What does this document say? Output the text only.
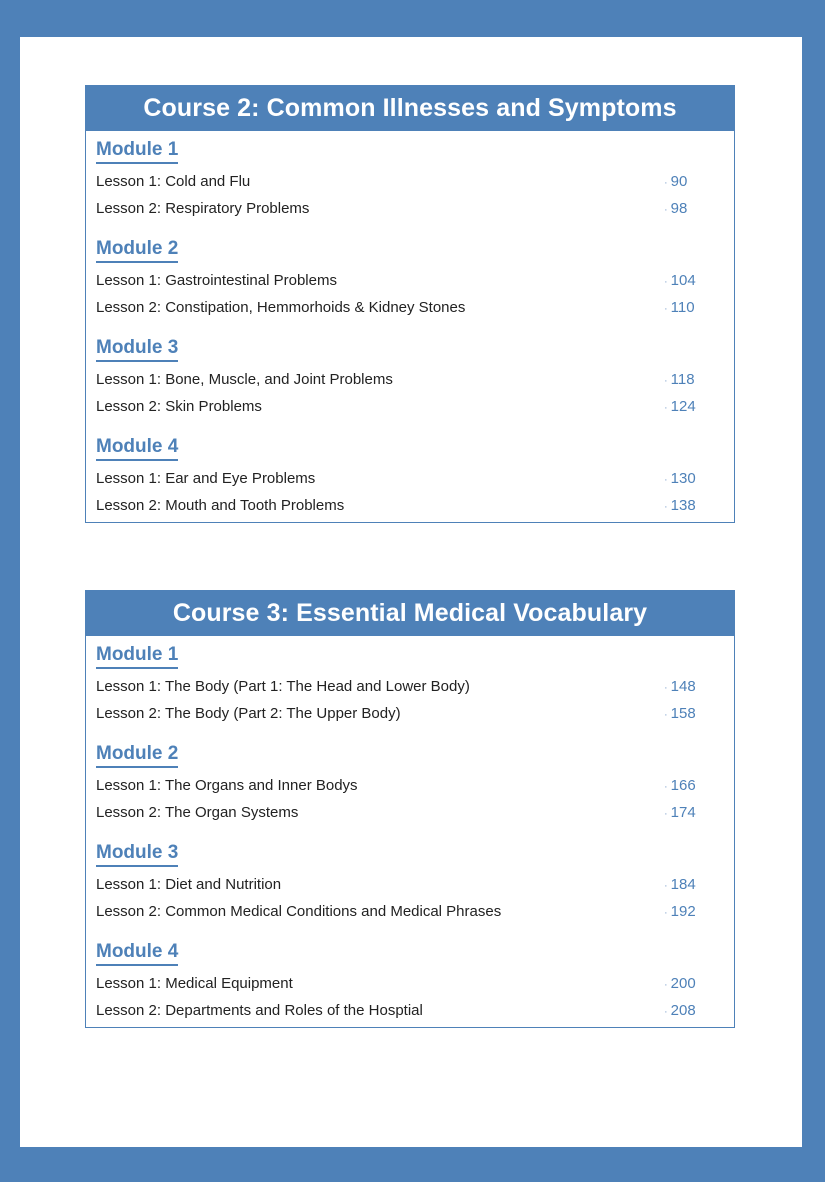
Course 2: Common Illnesses and Symptoms
Module 1
Lesson 1: Cold and Flu	· 90
Lesson 2: Respiratory Problems	· 98
Module 2
Lesson 1: Gastrointestinal Problems	· 104
Lesson 2: Constipation, Hemmorhoids & Kidney Stones	· 110
Module 3
Lesson 1: Bone, Muscle, and Joint Problems	· 118
Lesson 2: Skin Problems	· 124
Module 4
Lesson 1: Ear and Eye Problems	· 130
Lesson 2: Mouth and Tooth Problems	· 138
Course 3: Essential Medical Vocabulary
Module 1
Lesson 1: The Body (Part 1: The Head and Lower Body)	· 148
Lesson 2: The Body (Part 2: The Upper Body)	· 158
Module 2
Lesson 1: The Organs and Inner Bodys	· 166
Lesson 2: The Organ Systems	· 174
Module 3
Lesson 1: Diet and Nutrition	· 184
Lesson 2: Common Medical Conditions and Medical Phrases	· 192
Module 4
Lesson 1: Medical Equipment	· 200
Lesson 2: Departments and Roles of the Hosptial	· 208
